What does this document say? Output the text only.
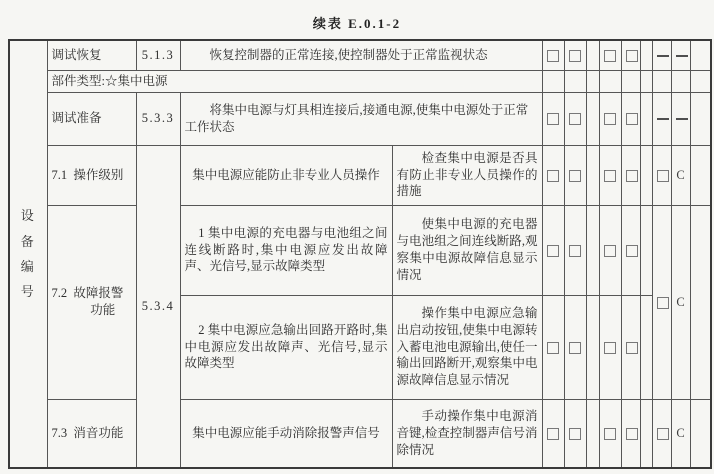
续表 E.0.1-2
设备编号	调试恢复	5.1.3	恢复控制器的正常连接,使控制器处于正常监视状态										
	部件类型:☆集中电源												
	调试准备	5.3.3	将集中电源与灯具相连接后,接通电源,使集中电源处于正常工作状态										
	7.1  操作级别	5.3.4	集中电源应能防止非专业人员操作	检查集中电源是否具有防止非专业人员操作的措施								C	

	7.2  故障报警功能		1 集中电源的充电器与电池组之间连线断路时,集中电源应发出故障声、光信号,显示故障类型	使集中电源的充电器与电池组之间连线断路,观察集中电源故障信息显示情况								C	
			2 集中电源应急输出回路开路时,集中电源应发出故障声、光信号,显示故障类型	操作集中电源应急输出启动按钮,使集中电源转入蓄电池电源输出,使任一输出回路断开,观察集中电源故障信息显示情况									
	7.3  消音功能		集中电源应能手动消除报警声信号	手动操作集中电源消音键,检查控制器声信号消除情况								C	
